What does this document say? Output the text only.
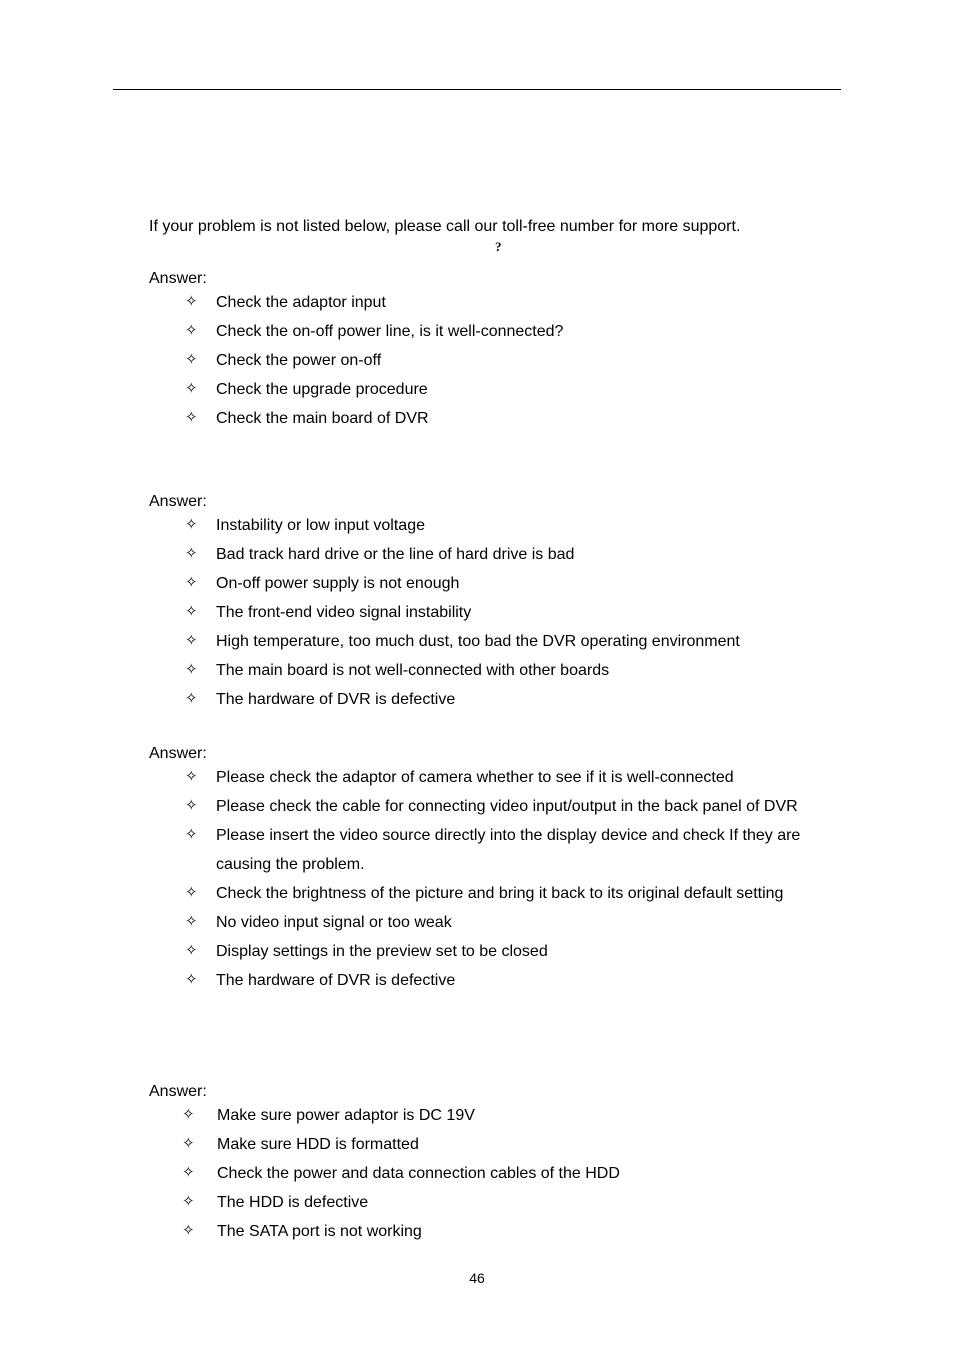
If your problem is not listed below, please call our toll-free number for more support.
?
Answer:
✧ Check the adaptor input
✧ Check the on-off power line, is it well-connected?
✧ Check the power on-off
✧ Check the upgrade procedure
✧ Check the main board of DVR
Answer:
✧ Instability or low input voltage
✧ Bad track hard drive or the line of hard drive is bad
✧ On-off power supply is not enough
✧ The front-end video signal instability
✧ High temperature, too much dust, too bad the DVR operating environment
✧ The main board is not well-connected with other boards
✧ The hardware of DVR is defective
Answer:
✧ Please check the adaptor of camera whether to see if it is well-connected
✧ Please check the cable for connecting video input/output in the back panel of DVR
✧ Please insert the video source directly into the display device and check If they are causing the problem.
✧ Check the brightness of the picture and bring it back to its original default setting
✧ No video input signal or too weak
✧ Display settings in the preview set to be closed
✧ The hardware of DVR is defective
Answer:
✧ Make sure power adaptor is DC 19V
✧ Make sure HDD is formatted
✧ Check the power and data connection cables of the HDD
✧ The HDD is defective
✧ The SATA port is not working
46
